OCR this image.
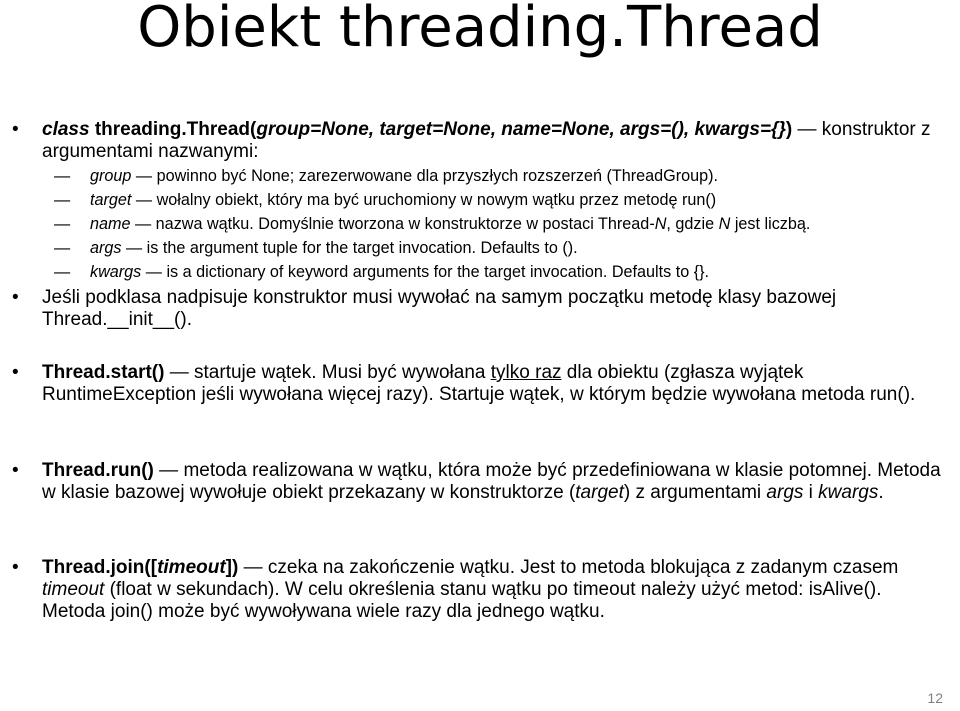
Obiekt threading.Thread
• class threading.Thread(group=None, target=None, name=None, args=(), kwargs={}) — konstruktor z argumentami nazwanymi:
— group — powinno być None; zarezerwowane dla przyszłych rozszerzeń (ThreadGroup).
— target — wołalny obiekt, który ma być uruchomiony w nowym wątku przez metodę run()
— name — nazwa wątku. Domyślnie tworzona w konstruktorze w postaci Thread-N, gdzie N jest liczbą.
— args — is the argument tuple for the target invocation. Defaults to ().
— kwargs — is a dictionary of keyword arguments for the target invocation. Defaults to {}.
• Jeśli podklasa nadpisuje konstruktor musi wywołać na samym początku metodę klasy bazowej Thread.__init__().
• Thread.start() — startuje wątek. Musi być wywołana tylko raz dla obiektu (zgłasza wyjątek RuntimeException jeśli wywołana więcej razy). Startuje wątek, w którym będzie wywołana metoda run().
• Thread.run() — metoda realizowana w wątku, która może być przedefiniowana w klasie potomnej. Metoda w klasie bazowej wywołuje obiekt przekazany w konstruktorze (target) z argumentami args i kwargs.
• Thread.join([timeout]) — czeka na zakończenie wątku. Jest to metoda blokująca z zadanym czasem timeout (float w sekundach). W celu określenia stanu wątku po timeout należy użyć metod: isAlive(). Metoda join() może być wywoływana wiele razy dla jednego wątku.
12
